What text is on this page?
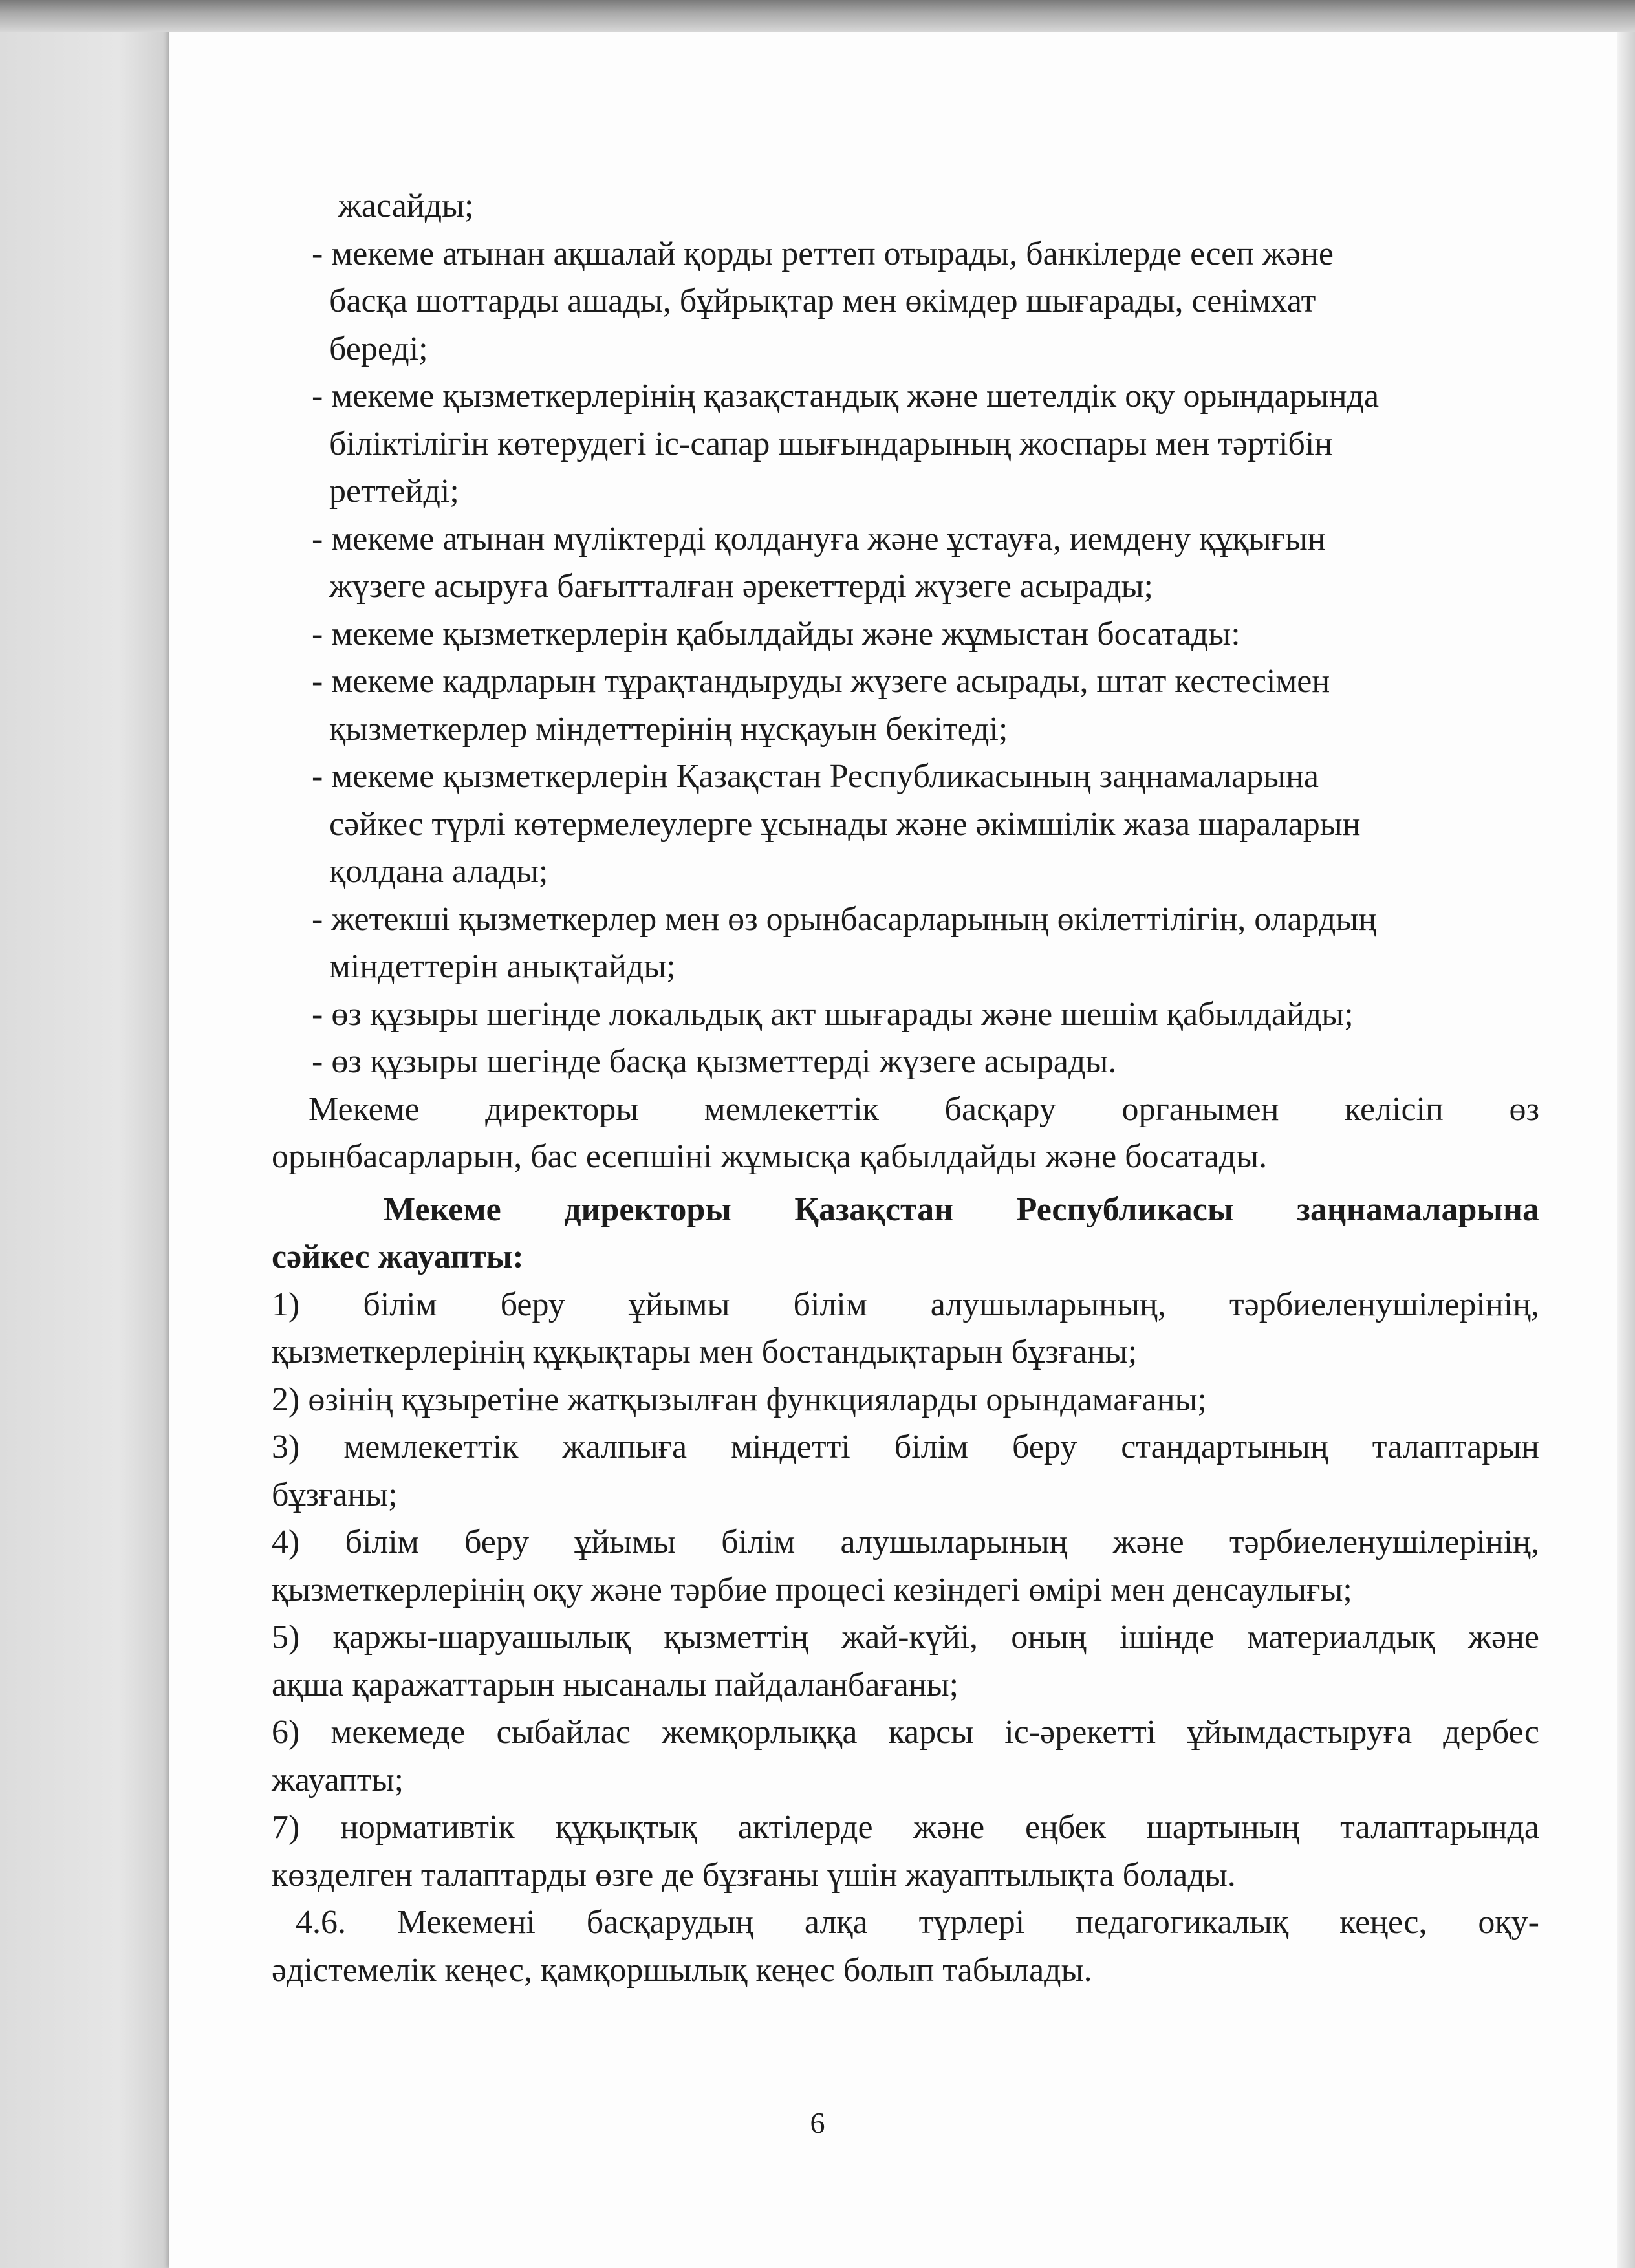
жасайды;
- мекеме атынан ақшалай қорды реттеп отырады, банкілерде есеп және
басқа шоттарды ашады, бұйрықтар мен өкімдер шығарады, сенімхат
береді;
- мекеме қызметкерлерінің қазақстандық және шетелдік оқу орындарында
біліктілігін көтерудегі іс-сапар шығындарының жоспары мен тәртібін
реттейді;
- мекеме атынан мүліктерді қолдануға және ұстауға, иемдену құқығын
жүзеге асыруға бағытталған әрекеттерді жүзеге асырады;
- мекеме қызметкерлерін қабылдайды және жұмыстан босатады:
- мекеме кадрларын тұрақтандыруды жүзеге асырады, штат кестесімен
қызметкерлер міндеттерінің нұсқауын бекітеді;
- мекеме қызметкерлерін Қазақстан Республикасының заңнамаларына
сәйкес түрлі көтермелеулерге ұсынады және әкімшілік жаза шараларын
қолдана алады;
- жетекші қызметкерлер мен өз орынбасарларының өкілеттілігін, олардың
міндеттерін анықтайды;
- өз құзыры шегінде локальдық акт шығарады және шешім қабылдайды;
- өз құзыры шегінде басқа қызметтерді жүзеге асырады.
Мекеме директоры мемлекеттік басқару органымен келісіп өз
орынбасарларын, бас есепшіні жұмысқа қабылдайды және босатады.
Мекеме директоры Қазақстан Республикасы заңнамаларына
сәйкес жауапты:
1) білім беру ұйымы білім алушыларының, тәрбиеленушілерінің,
қызметкерлерінің құқықтары мен бостандықтарын бұзғаны;
2) өзінің құзыретіне жатқызылған функцияларды орындамағаны;
3) мемлекеттік жалпыға міндетті білім беру стандартының талаптарын
бұзғаны;
4) білім беру ұйымы білім алушыларының және тәрбиеленушілерінің,
қызметкерлерінің оқу және тәрбие процесі кезіндегі өмірі мен денсаулығы;
5) қаржы-шаруашылық қызметтің жай-күйі, оның ішінде материалдық және
ақша қаражаттарын нысаналы пайдаланбағаны;
6) мекемеде сыбайлас жемқорлыққа карсы іс-әрекетті ұйымдастыруға дербес
жауапты;
7) нормативтік құқықтық актілерде және еңбек шартының талаптарында
көзделген талаптарды өзге де бұзғаны үшін жауаптылықта болады.
4.6. Мекемені басқарудың алқа түрлері педагогикалық кеңес, оқу-
әдістемелік кеңес, қамқоршылық кеңес болып табылады.
6
